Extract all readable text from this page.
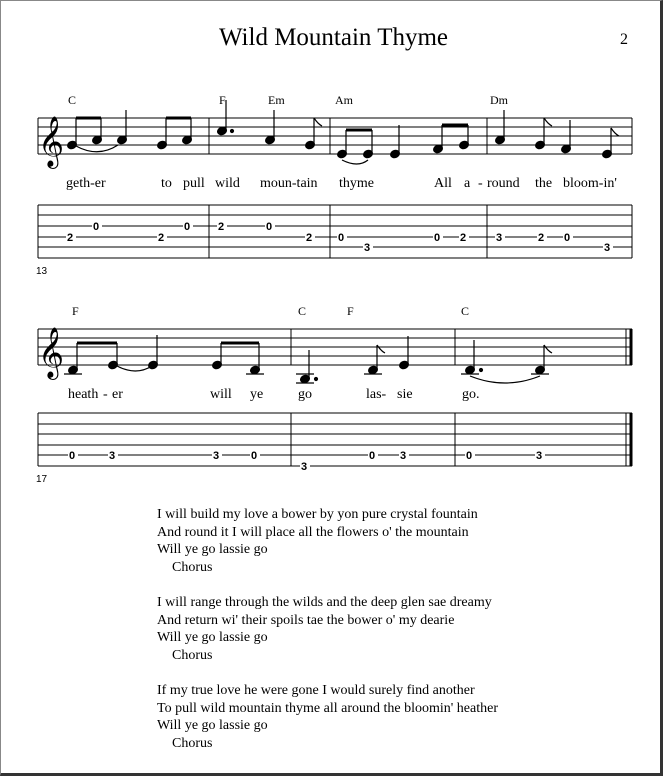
Wild Mountain Thyme	2
𝄞
C	F	Em	Am	Dm
geth-er	to pull wild moun-tain thyme	All a - round the bloom-in'
2
0
2
0	2	0
2 0
3
0 2	3	2 0
3
13
𝄞
F	C	F	C
heath - er	will ye go	las- sie	go.
0	3	3	0
3
0 3	0	3
17
I will build my love a bower by yon pure crystal fountain
And round it I will place all the flowers o' the mountain
Will ye go lassie go
Chorus
I will range through the wilds and the deep glen sae dreamy
And return wi' their spoils tae the bower o' my dearie
Will ye go lassie go
Chorus
If my true love he were gone I would surely find another
To pull wild mountain thyme all around the bloomin' heather
Will ye go lassie go
Chorus
